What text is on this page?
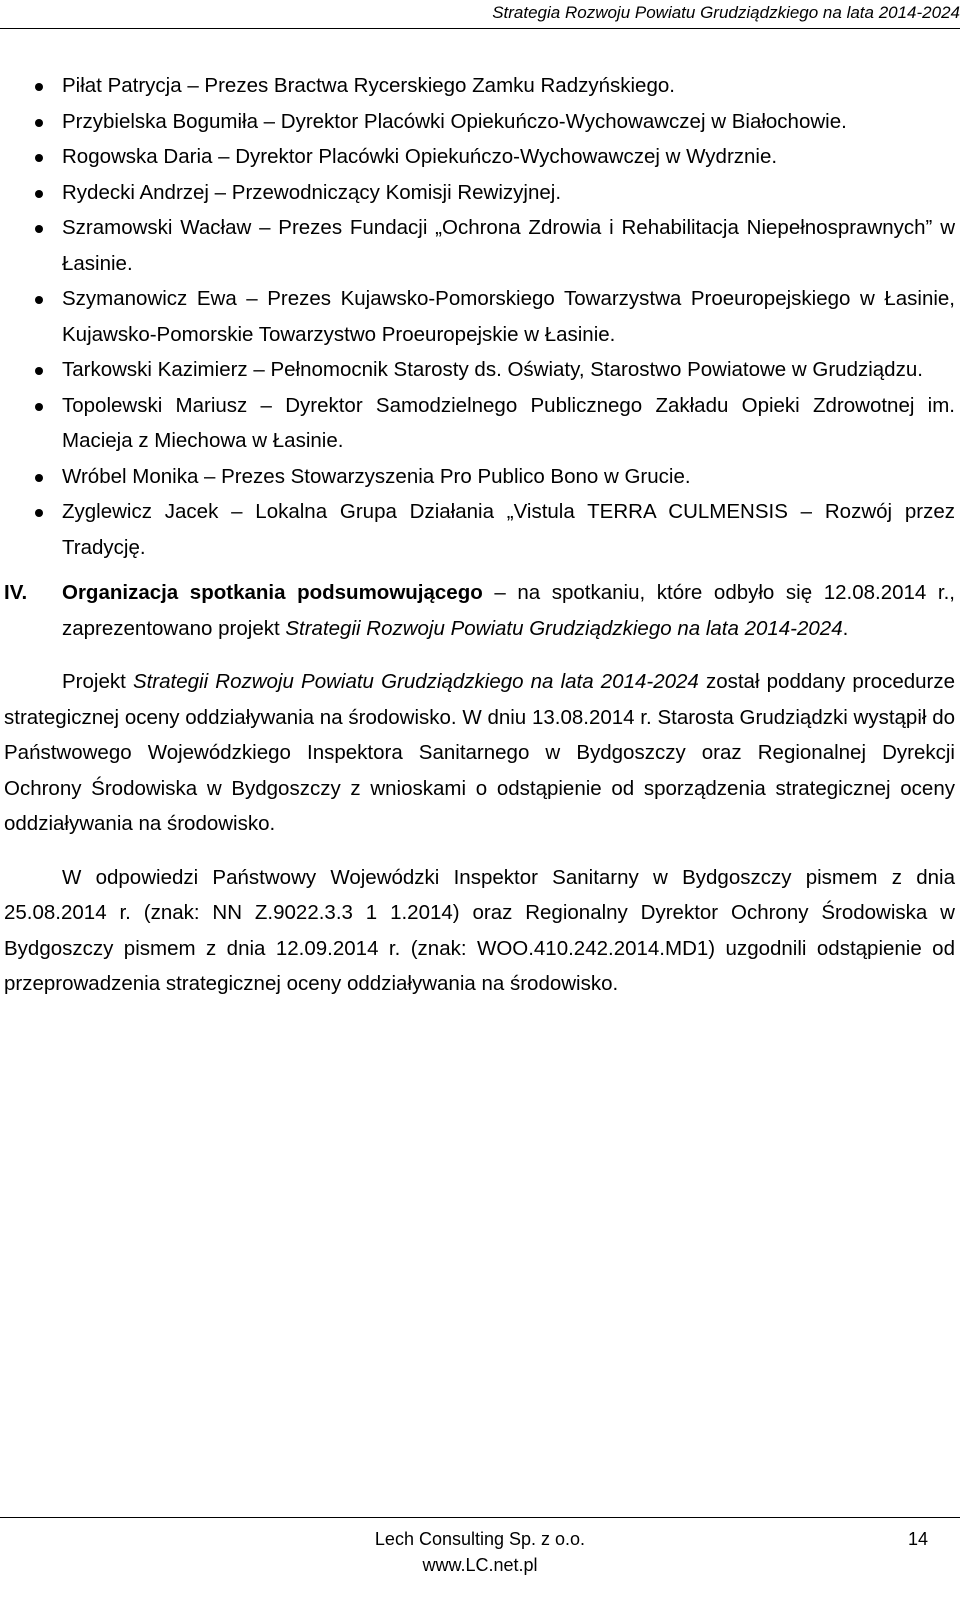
Strategia Rozwoju Powiatu Grudziądzkiego na lata 2014-2024
Piłat Patrycja – Prezes Bractwa Rycerskiego Zamku Radzyńskiego.
Przybielska Bogumiła – Dyrektor Placówki Opiekuńczo-Wychowawczej w Białochowie.
Rogowska Daria – Dyrektor Placówki Opiekuńczo-Wychowawczej w Wydrznie.
Rydecki Andrzej – Przewodniczący Komisji Rewizyjnej.
Szramowski Wacław – Prezes Fundacji „Ochrona Zdrowia i Rehabilitacja Niepełnosprawnych” w Łasinie.
Szymanowicz Ewa – Prezes Kujawsko-Pomorskiego Towarzystwa Proeuropejskiego w Łasinie, Kujawsko-Pomorskie Towarzystwo Proeuropejskie w Łasinie.
Tarkowski Kazimierz – Pełnomocnik Starosty ds. Oświaty, Starostwo Powiatowe w Grudziądzu.
Topolewski Mariusz – Dyrektor Samodzielnego Publicznego Zakładu Opieki Zdrowotnej im. Macieja z Miechowa w Łasinie.
Wróbel Monika – Prezes Stowarzyszenia Pro Publico Bono w Grucie.
Zyglewicz Jacek – Lokalna Grupa Działania „Vistula TERRA CULMENSIS – Rozwój przez Tradycję.
IV. Organizacja spotkania podsumowującego – na spotkaniu, które odbyło się 12.08.2014 r., zaprezentowano projekt Strategii Rozwoju Powiatu Grudziądzkiego na lata 2014-2024.

Projekt Strategii Rozwoju Powiatu Grudziądzkiego na lata 2014-2024 został poddany procedurze strategicznej oceny oddziaływania na środowisko. W dniu 13.08.2014 r. Starosta Grudziądzki wystąpił do Państwowego Wojewódzkiego Inspektora Sanitarnego w Bydgoszczy oraz Regionalnej Dyrekcji Ochrony Środowiska w Bydgoszczy z wnioskami o odstąpienie od sporządzenia strategicznej oceny oddziaływania na środowisko.

W odpowiedzi Państwowy Wojewódzki Inspektor Sanitarny w Bydgoszczy pismem z dnia 25.08.2014 r. (znak: NN Z.9022.3.3 1 1.2014) oraz Regionalny Dyrektor Ochrony Środowiska w Bydgoszczy pismem z dnia 12.09.2014 r. (znak: WOO.410.242.2014.MD1) uzgodnili odstąpienie od przeprowadzenia strategicznej oceny oddziaływania na środowisko.

Lech Consulting Sp. z o.o.
www.LC.net.pl
14
